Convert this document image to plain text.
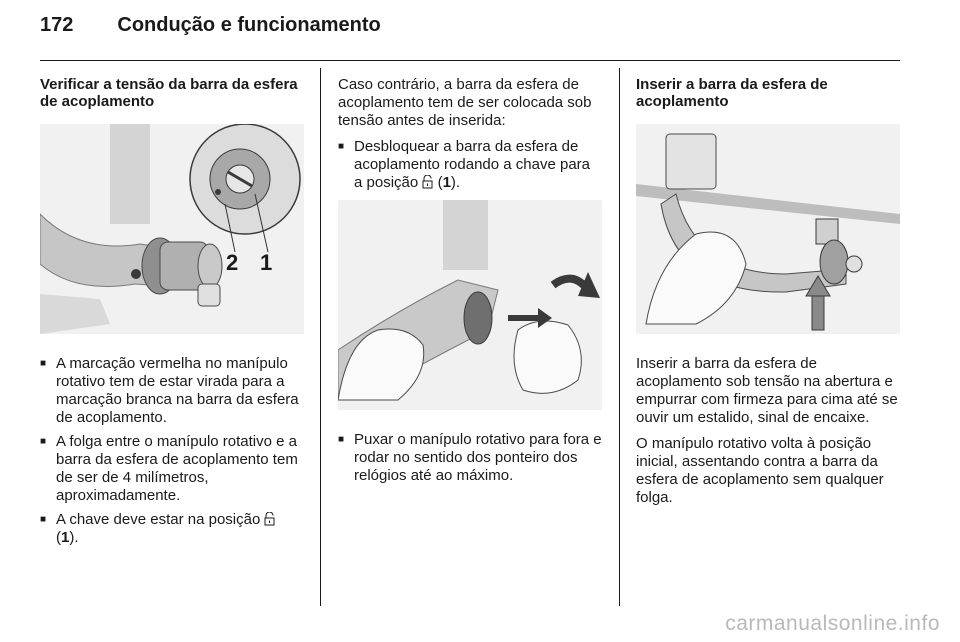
172 Condução e funcionamento
Verificar a tensão da barra da esfera de acoplamento
2 1
■ A marcação vermelha no manípulo rotativo tem de estar virada para a marcação branca na barra da esfera de acoplamento.
■ A folga entre o manípulo rotativo e a barra da esfera de acoplamento tem de ser de 4 milímetros, aproximadamente.
■ A chave deve estar na posição
(1).

Caso contrário, a barra da esfera de acoplamento tem de ser colocada sob tensão antes de inserida:

■ Desbloquear a barra da esfera de acoplamento rodando a chave para a posição (1).
■ Puxar o manípulo rotativo para fora e rodar no sentido dos ponteiro dos relógios até ao máximo.
Inserir a barra da esfera de acoplamento

Inserir a barra da esfera de acoplamento sob tensão na abertura e empurrar com firmeza para cima até se ouvir um estalido, sinal de encaixe.

O manípulo rotativo volta à posição inicial, assentando contra a barra da esfera de acoplamento sem qualquer folga.

carmanualsonline.info
